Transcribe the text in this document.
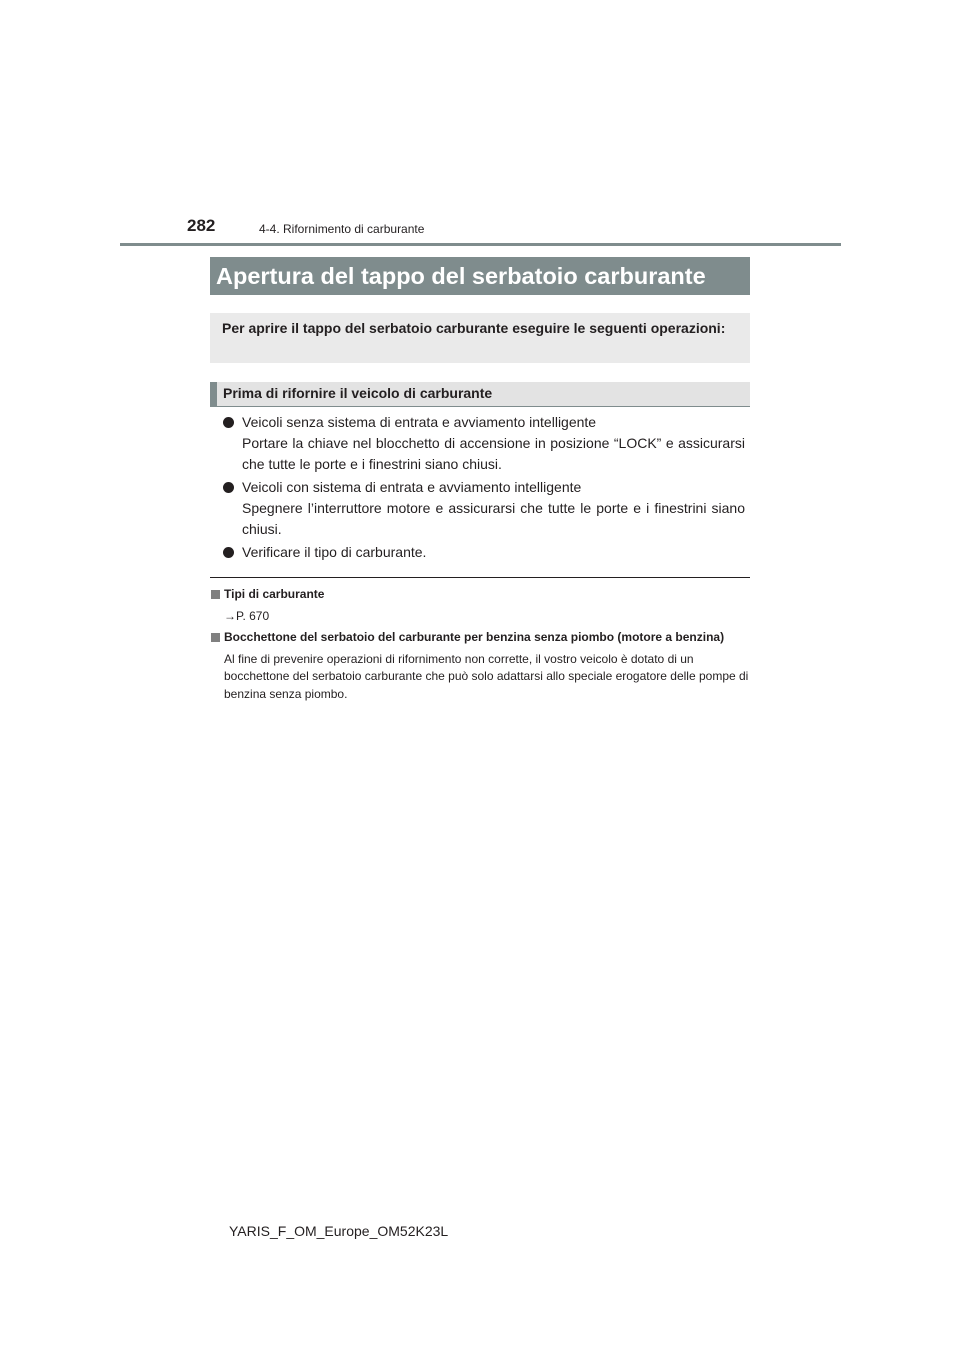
282	4-4. Rifornimento di carburante
Apertura del tappo del serbatoio carburante
Per aprire il tappo del serbatoio carburante eseguire le seguenti operazioni:
Prima di rifornire il veicolo di carburante

Veicoli senza sistema di entrata e avviamento intelligente

Portare la chiave nel blocchetto di accensione in posizione “LOCK” e assicurarsi che tutte le porte e i finestrini siano chiusi.

Veicoli con sistema di entrata e avviamento intelligente

Spegnere l’interruttore motore e assicurarsi che tutte le porte e i finestrini siano chiusi.

Verificare il tipo di carburante.

Tipi di carburante
→P. 670
Bocchettone del serbatoio del carburante per benzina senza piombo (motore a benzina)
Al fine di prevenire operazioni di rifornimento non corrette, il vostro veicolo è dotato di un bocchettone del serbatoio carburante che può solo adattarsi allo speciale erogatore delle pompe di benzina senza piombo.
YARIS_F_OM_Europe_OM52K23L
